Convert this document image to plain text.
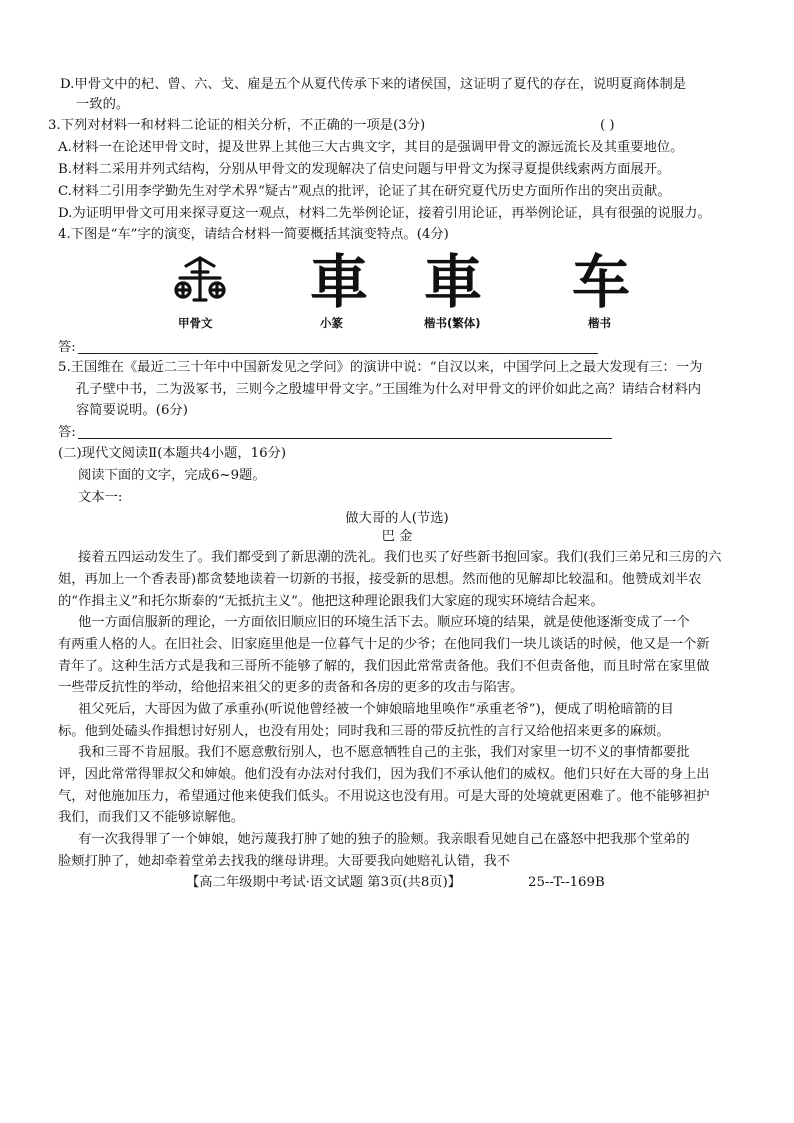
D.甲骨文中的杞、曾、六、戈、雇是五个从夏代传承下来的诸侯国，这证明了夏代的存在，说明夏商体制是
一致的。
3.下列对材料一和材料二论证的相关分析，不正确的一项是(3分)	( )
A.材料一在论述甲骨文时，提及世界上其他三大古典文字，其目的是强调甲骨文的源远流长及其重要地位。
B.材料二采用并列式结构，分别从甲骨文的发现解决了信史问题与甲骨文为探寻夏提供线索两方面展开。
C.材料二引用李学勤先生对学术界“疑古”观点的批评，论证了其在研究夏代历史方面所作出的突出贡献。
D.为证明甲骨文可用来探寻夏这一观点，材料二先举例论证，接着引用论证，再举例论证，具有很强的说服力。
4.下图是“车”字的演变，请结合材料一简要概括其演变特点。(4分)
車 車 车
甲骨文	小篆	楷书(繁体)	楷书
答:
5.王国维在《最近二三十年中中国新发见之学问》的演讲中说：“自汉以来，中国学问上之最大发现有三：一为
孔子壁中书，二为汲冢书，三则今之殷墟甲骨文字。”王国维为什么对甲骨文的评价如此之高？请结合材料内
容简要说明。(6分)
答:
(二)现代文阅读Ⅱ(本题共4小题，16分)
阅读下面的文字，完成6~9题。
文本一:
做大哥的人(节选)
巴 金
接着五四运动发生了。我们都受到了新思潮的洗礼。我们也买了好些新书抱回家。我们(我们三弟兄和三房的六
姐，再加上一个香表哥)都贪婪地读着一切新的书报，接受新的思想。然而他的见解却比较温和。他赞成刘半农
的“作揖主义”和托尔斯泰的“无抵抗主义”。他把这种理论跟我们大家庭的现实环境结合起来。
他一方面信服新的理论，一方面依旧顺应旧的环境生活下去。顺应环境的结果，就是使他逐渐变成了一个
有两重人格的人。在旧社会、旧家庭里他是一位暮气十足的少爷；在他同我们一块儿谈话的时候，他又是一个新
青年了。这种生活方式是我和三哥所不能够了解的，我们因此常常责备他。我们不但责备他，而且时常在家里做
一些带反抗性的举动，给他招来祖父的更多的责备和各房的更多的攻击与陷害。
祖父死后，大哥因为做了承重孙(听说他曾经被一个婶娘暗地里唤作“承重老爷”)，便成了明枪暗箭的目
标。他到处磕头作揖想讨好别人，也没有用处；同时我和三哥的带反抗性的言行又给他招来更多的麻烦。
我和三哥不肯屈服。我们不愿意敷衍别人，也不愿意牺牲自己的主张，我们对家里一切不义的事情都要批
评，因此常常得罪叔父和婶娘。他们没有办法对付我们，因为我们不承认他们的威权。他们只好在大哥的身上出
气，对他施加压力，希望通过他来使我们低头。不用说这也没有用。可是大哥的处境就更困难了。他不能够袒护
我们，而我们又不能够谅解他。
有一次我得罪了一个婶娘，她污蔑我打肿了她的独子的脸颊。我亲眼看见她自己在盛怒中把我那个堂弟的
脸颊打肿了，她却牵着堂弟去找我的继母讲理。大哥要我向她赔礼认错，我不
【高二年级期中考试·语文试题 第3页(共8页)】	25--T--169B
